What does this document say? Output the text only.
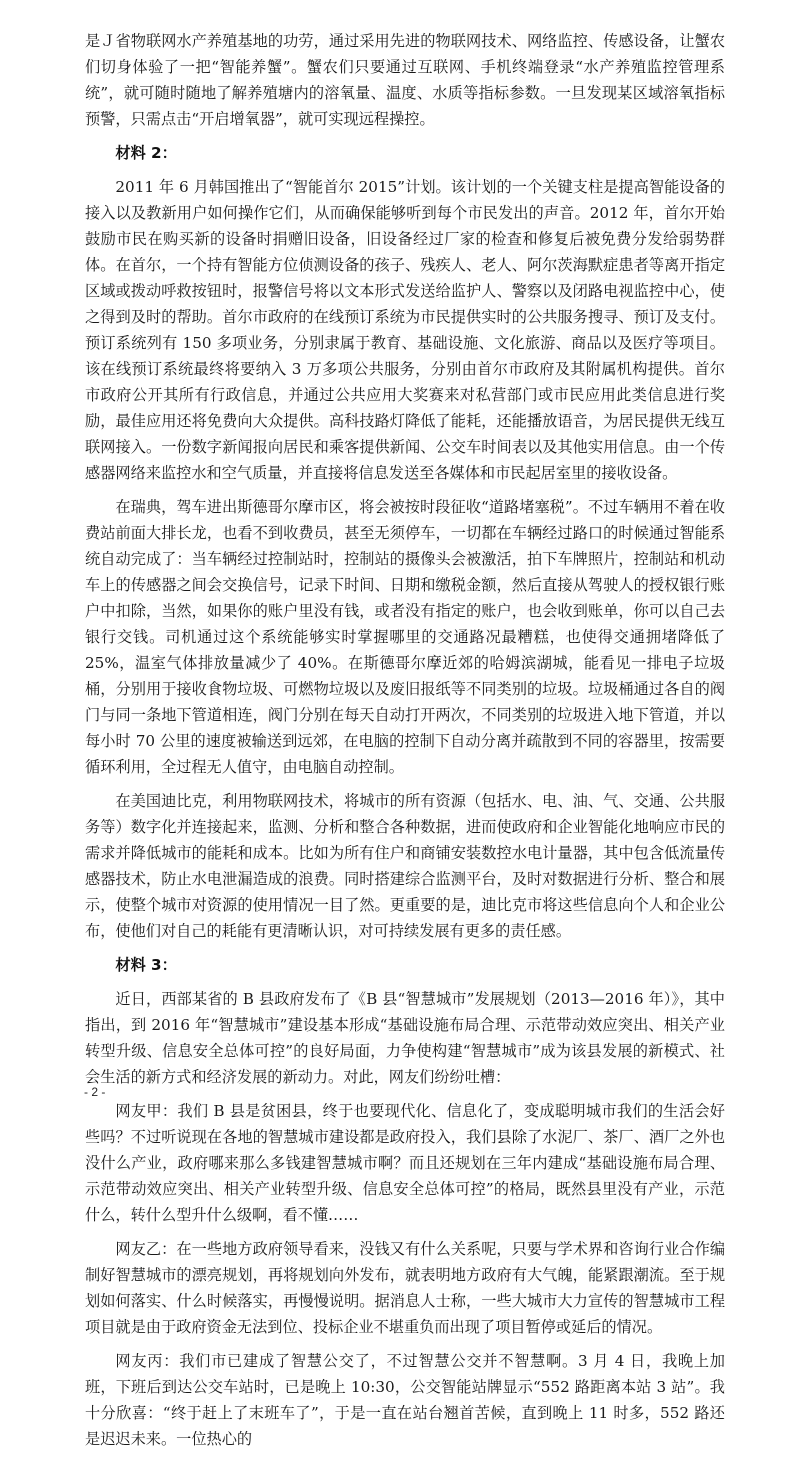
是Ｊ省物联网水产养殖基地的功劳，通过采用先进的物联网技术、网络监控、传感设备，让蟹农们切身体验了一把“智能养蟹”。蟹农们只要通过互联网、手机终端登录“水产养殖监控管理系统”，就可随时随地了解养殖塘内的溶氧量、温度、水质等指标参数。一旦发现某区域溶氧指标预警，只需点击“开启增氧器”，就可实现远程操控。

材料 2：

2011 年 6 月韩国推出了“智能首尔 2015”计划。该计划的一个关键支柱是提高智能设备的接入以及教新用户如何操作它们，从而确保能够听到每个市民发出的声音。2012 年，首尔开始鼓励市民在购买新的设备时捐赠旧设备，旧设备经过厂家的检查和修复后被免费分发给弱势群体。在首尔，一个持有智能方位侦测设备的孩子、残疾人、老人、阿尔茨海默症患者等离开指定区域或拨动呼救按钮时，报警信号将以文本形式发送给监护人、警察以及闭路电视监控中心，使之得到及时的帮助。首尔市政府的在线预订系统为市民提供实时的公共服务搜寻、预订及支付。预订系统列有 150 多项业务，分别隶属于教育、基础设施、文化旅游、商品以及医疗等项目。该在线预订系统最终将要纳入 3 万多项公共服务，分别由首尔市政府及其附属机构提供。首尔市政府公开其所有行政信息，并通过公共应用大奖赛来对私营部门或市民应用此类信息进行奖励，最佳应用还将免费向大众提供。高科技路灯降低了能耗，还能播放语音，为居民提供无线互联网接入。一份数字新闻报向居民和乘客提供新闻、公交车时间表以及其他实用信息。由一个传感器网络来监控水和空气质量，并直接将信息发送至各媒体和市民起居室里的接收设备。

在瑞典，驾车进出斯德哥尔摩市区，将会被按时段征收“道路堵塞税”。不过车辆用不着在收费站前面大排长龙，也看不到收费员，甚至无须停车，一切都在车辆经过路口的时候通过智能系统自动完成了：当车辆经过控制站时，控制站的摄像头会被激活，拍下车牌照片，控制站和机动车上的传感器之间会交换信号，记录下时间、日期和缴税金额，然后直接从驾驶人的授权银行账户中扣除，当然，如果你的账户里没有钱，或者没有指定的账户，也会收到账单，你可以自己去银行交钱。司机通过这个系统能够实时掌握哪里的交通路况最糟糕，也使得交通拥堵降低了 25%，温室气体排放量减少了 40%。在斯德哥尔摩近郊的哈姆滨湖城，能看见一排电子垃圾桶，分别用于接收食物垃圾、可燃物垃圾以及废旧报纸等不同类别的垃圾。垃圾桶通过各自的阀门与同一条地下管道相连，阀门分别在每天自动打开两次，不同类别的垃圾进入地下管道，并以每小时 70 公里的速度被输送到远郊，在电脑的控制下自动分离并疏散到不同的容器里，按需要循环利用，全过程无人值守，由电脑自动控制。

在美国迪比克，利用物联网技术，将城市的所有资源（包括水、电、油、气、交通、公共服务等）数字化并连接起来，监测、分析和整合各种数据，进而使政府和企业智能化地响应市民的需求并降低城市的能耗和成本。比如为所有住户和商铺安装数控水电计量器，其中包含低流量传感器技术，防止水电泄漏造成的浪费。同时搭建综合监测平台，及时对数据进行分析、整合和展示，使整个城市对资源的使用情况一目了然。更重要的是，迪比克市将这些信息向个人和企业公布，使他们对自己的耗能有更清晰认识，对可持续发展有更多的责任感。

材料 3：

近日，西部某省的 B 县政府发布了《B 县“智慧城市”发展规划（2013—2016 年）》，其中指出，到 2016 年“智慧城市”建设基本形成“基础设施布局合理、示范带动效应突出、相关产业转型升级、信息安全总体可控”的良好局面，力争使构建“智慧城市”成为该县发展的新模式、社会生活的新方式和经济发展的新动力。对此，网友们纷纷吐槽：

网友甲：我们 B 县是贫困县，终于也要现代化、信息化了，变成聪明城市我们的生活会好些吗？不过听说现在各地的智慧城市建设都是政府投入，我们县除了水泥厂、茶厂、酒厂之外也没什么产业，政府哪来那么多钱建智慧城市啊？而且还规划在三年内建成“基础设施布局合理、示范带动效应突出、相关产业转型升级、信息安全总体可控”的格局，既然县里没有产业，示范什么，转什么型升什么级啊，看不懂……

网友乙：在一些地方政府领导看来，没钱又有什么关系呢，只要与学术界和咨询行业合作编制好智慧城市的漂亮规划，再将规划向外发布，就表明地方政府有大气魄，能紧跟潮流。至于规划如何落实、什么时候落实，再慢慢说明。据消息人士称，一些大城市大力宣传的智慧城市工程项目就是由于政府资金无法到位、投标企业不堪重负而出现了项目暂停或延后的情况。

网友丙：我们市已建成了智慧公交了，不过智慧公交并不智慧啊。3 月 4 日，我晚上加班，下班后到达公交车站时，已是晚上 10:30，公交智能站牌显示“552 路距离本站 3 站”。我十分欣喜：“终于赶上了末班车了”，于是一直在站台翘首苦候，直到晚上 11 时多，552 路还是迟迟未来。一位热心的

- 2 -
